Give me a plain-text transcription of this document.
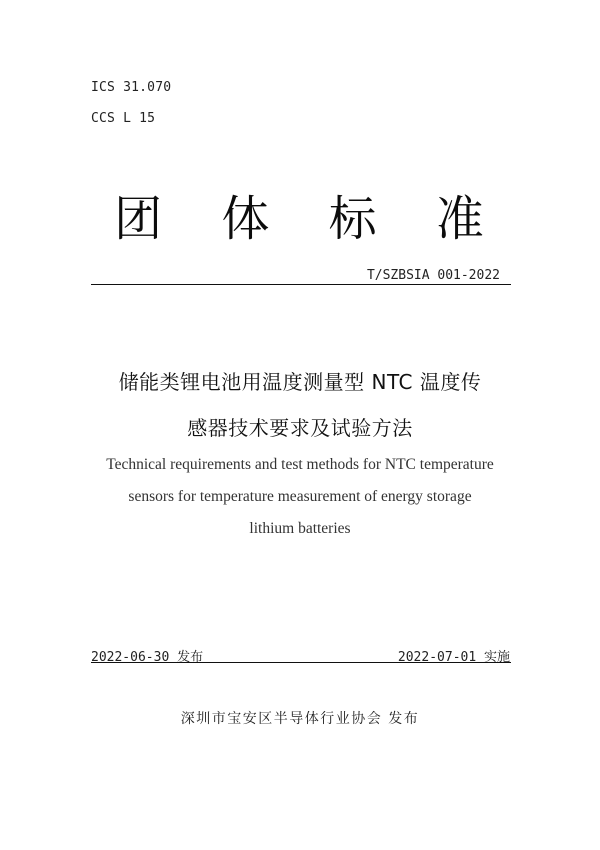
ICS 31.070
CCS L 15
团 体 标 准
T/SZBSIA 001-2022
储能类锂电池用温度测量型 NTC 温度传
感器技术要求及试验方法
Technical requirements and test methods for NTC temperature
sensors for temperature measurement of energy storage
lithium batteries
2022-06-30 发布	2022-07-01 实施
深圳市宝安区半导体行业协会 发布
